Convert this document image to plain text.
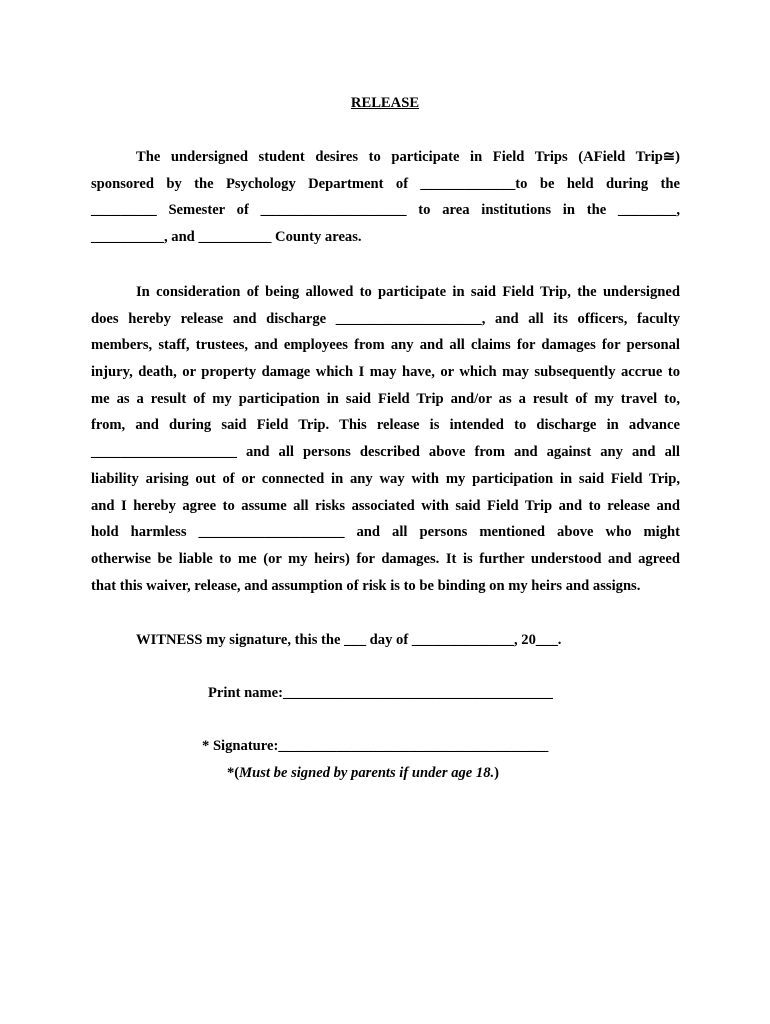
RELEASE
The undersigned student desires to participate in Field Trips (AField Trip≅)
sponsored by the Psychology Department of _____________to be held during the
_________ Semester of ____________________ to area institutions in the ________,
__________, and __________ County areas.
In consideration of being allowed to participate in said Field Trip, the undersigned
does hereby release and discharge ____________________, and all its officers, faculty
members, staff, trustees, and employees from any and all claims for damages for personal
injury, death, or property damage which I may have, or which may subsequently accrue to
me as a result of my participation in said Field Trip and/or as a result of my travel to,
from, and during said Field Trip. This release is intended to discharge in advance
____________________ and all persons described above from and against any and all
liability arising out of or connected in any way with my participation in said Field Trip,
and I hereby agree to assume all risks associated with said Field Trip and to release and
hold harmless ____________________ and all persons mentioned above who might
otherwise be liable to me (or my heirs) for damages. It is further understood and agreed
that this waiver, release, and assumption of risk is to be binding on my heirs and assigns.
WITNESS my signature, this the ___ day of ______________, 20___.
Print name:_____________________________________
* Signature:_____________________________________
*(Must be signed by parents if under age 18.)
